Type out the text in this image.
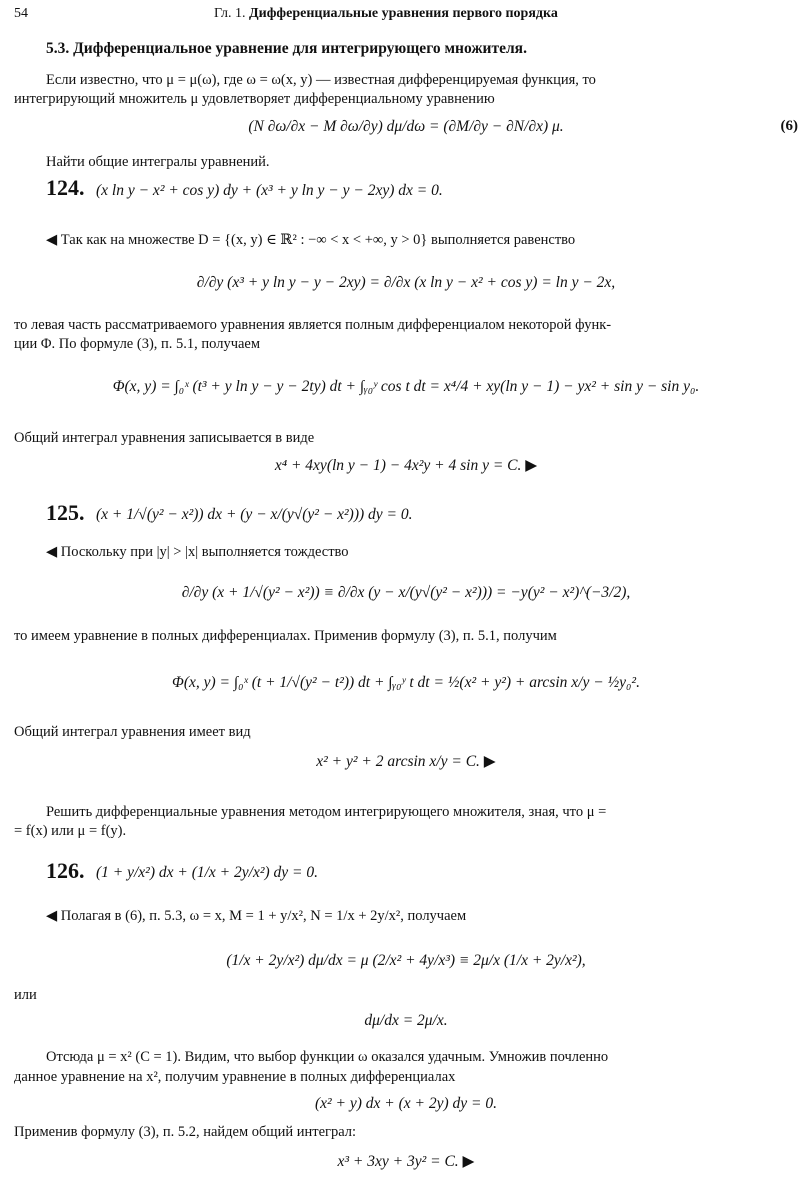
54	Гл. 1. Дифференциальные уравнения первого порядка
5.3. Дифференциальное уравнение для интегрирующего множителя.
Если известно, что μ = μ(ω), где ω = ω(x, y) — известная дифференцируемая функция, то
интегрирующий множитель μ удовлетворяет дифференциальному уравнению
(N ∂ω/∂x − M ∂ω/∂y) dμ/dω = (∂M/∂y − ∂N/∂x) μ.	(6)
Найти общие интегралы уравнений.
124. (x ln y − x² + cos y) dy + (x³ + y ln y − y − 2xy) dx = 0.
◀ Так как на множестве D = {(x, y) ∈ ℝ² : −∞ < x < +∞, y > 0} выполняется равенство
∂/∂y (x³ + y ln y − y − 2xy) = ∂/∂x (x ln y − x² + cos y) = ln y − 2x,
то левая часть рассматриваемого уравнения является полным дифференциалом некоторой функ-
ции Φ. По формуле (3), п. 5.1, получаем
Φ(x, y) = ∫₀ˣ (t³ + y ln y − y − 2ty) dt + ∫ᵧ₀ʸ cos t dt = x⁴/4 + xy(ln y − 1) − yx² + sin y − sin y₀.
Общий интеграл уравнения записывается в виде
x⁴ + 4xy(ln y − 1) − 4x²y + 4 sin y = C. ▶
125. (x + 1/√(y² − x²)) dx + (y − x/(y√(y² − x²))) dy = 0.
◀ Поскольку при |y| > |x| выполняется тождество
∂/∂y (x + 1/√(y² − x²)) ≡ ∂/∂x (y − x/(y√(y² − x²))) = −y(y² − x²)^(−3/2),
то имеем уравнение в полных дифференциалах. Применив формулу (3), п. 5.1, получим
Φ(x, y) = ∫₀ˣ (t + 1/√(y² − t²)) dt + ∫ᵧ₀ʸ t dt = ½(x² + y²) + arcsin x/y − ½y₀².
Общий интеграл уравнения имеет вид
x² + y² + 2 arcsin x/y = C. ▶
Решить дифференциальные уравнения методом интегрирующего множителя, зная, что μ =
= f(x) или μ = f(y).
126. (1 + y/x²) dx + (1/x + 2y/x²) dy = 0.
◀ Полагая в (6), п. 5.3, ω = x, M = 1 + y/x², N = 1/x + 2y/x², получаем
(1/x + 2y/x²) dμ/dx = μ (2/x² + 4y/x³) ≡ 2μ/x (1/x + 2y/x²),
или
dμ/dx = 2μ/x.
Отсюда μ = x² (C = 1). Видим, что выбор функции ω оказался удачным. Умножив почленно
данное уравнение на x², получим уравнение в полных дифференциалах
(x² + y) dx + (x + 2y) dy = 0.
Применив формулу (3), п. 5.2, найдем общий интеграл:
x³ + 3xy + 3y² = C. ▶
